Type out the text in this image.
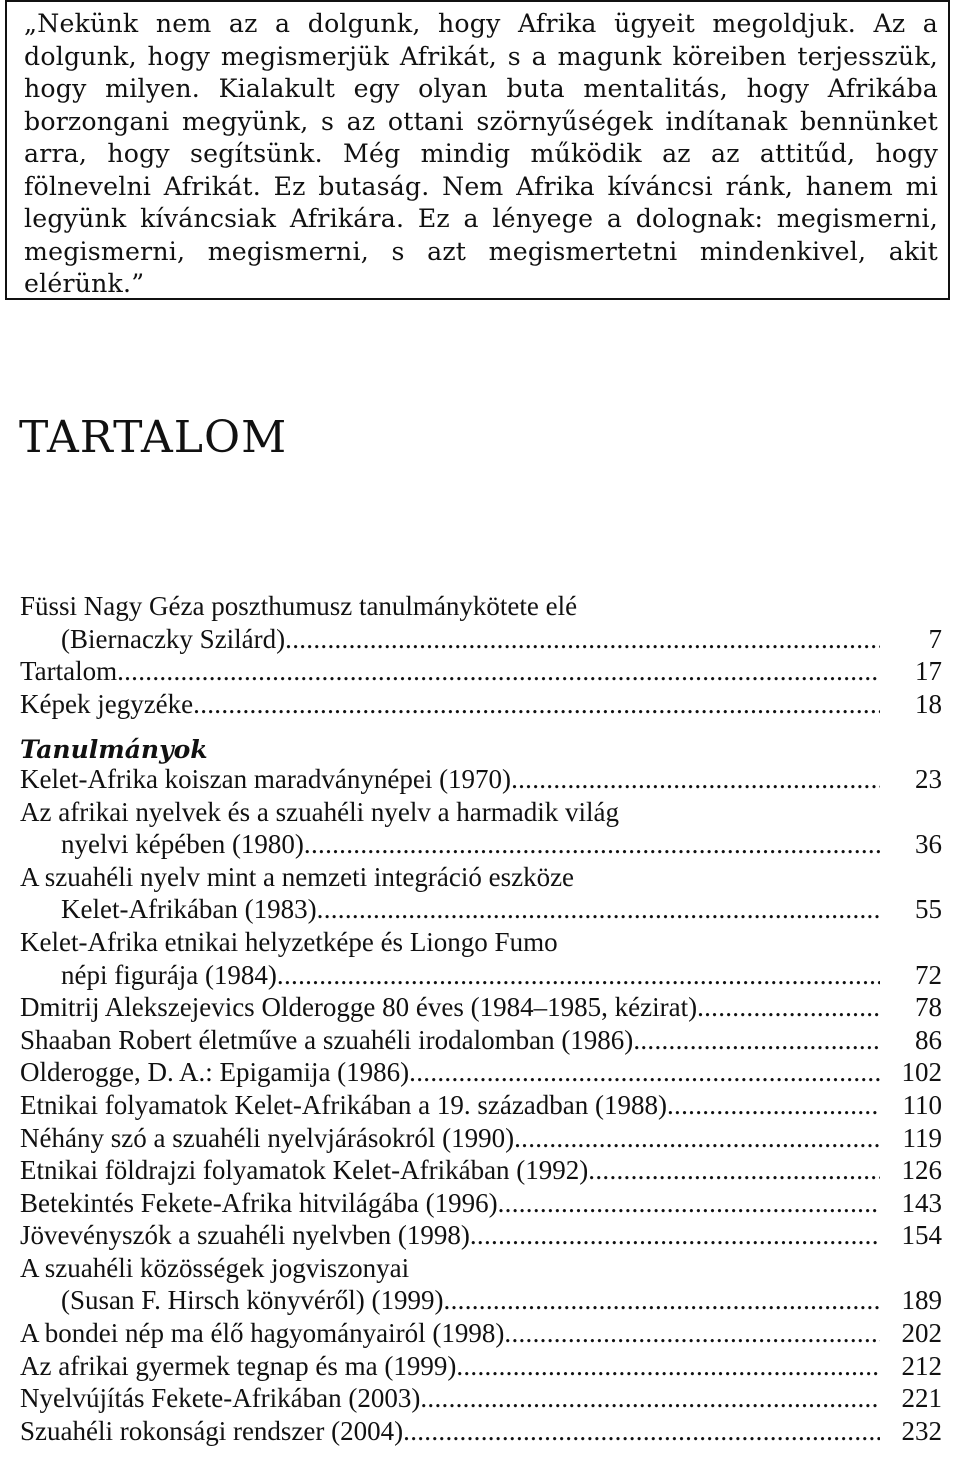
„Nekünk nem az a dolgunk, hogy Afrika ügyeit megoldjuk. Az a dolgunk, hogy megismerjük Afrikát, s a magunk köreiben terjesszük, hogy milyen. Kialakult egy olyan buta mentalitás, hogy Afrikába borzongani megyünk, s az ottani szörnyűségek indítanak bennünket arra, hogy segítsünk. Még mindig működik az az attitűd, hogy fölnevelni Afrikát. Ez butaság. Nem Afrika kíváncsi ránk, hanem mi legyünk kíváncsiak Afrikára. Ez a lényege a dolognak: megismerni, megismerni, megismerni, s azt megismertetni mindenkivel, akit elérünk.”

TARTALOM
Füssi Nagy Géza poszthumusz tanulmánykötete elé
(Biernaczky Szilárd) .....	7
Tartalom .....	17
Képek jegyzéke .....	18
Tanulmányok
Kelet-Afrika koiszan maradványnépei (1970) .....	23
Az afrikai nyelvek és a szuahéli nyelv a harmadik világ
nyelvi képében (1980) .....	36
A szuahéli nyelv mint a nemzeti integráció eszköze
Kelet-Afrikában (1983) .....	55
Kelet-Afrika etnikai helyzetképe és Liongo Fumo
népi figurája (1984) .....	72
Dmitrij Alekszejevics Olderogge 80 éves (1984–1985, kézirat) .....	78
Shaaban Robert életműve a szuahéli irodalomban (1986) .....	86
Olderogge, D. A.: Epigamija (1986) .....	102
Etnikai folyamatok Kelet-Afrikában a 19. században (1988) .....	110
Néhány szó a szuahéli nyelvjárásokról (1990) .....	119
Etnikai földrajzi folyamatok Kelet-Afrikában (1992) .....	126
Betekintés Fekete-Afrika hitvilágába (1996) .....	143
Jövevényszók a szuahéli nyelvben (1998) .....	154
A szuahéli közösségek jogviszonyai
(Susan F. Hirsch könyvéről) (1999) .....	189
A bondei nép ma élő hagyományairól (1998) .....	202
Az afrikai gyermek tegnap és ma (1999) .....	212
Nyelvújítás Fekete-Afrikában (2003) .....	221
Szuahéli rokonsági rendszer (2004) .....	232
